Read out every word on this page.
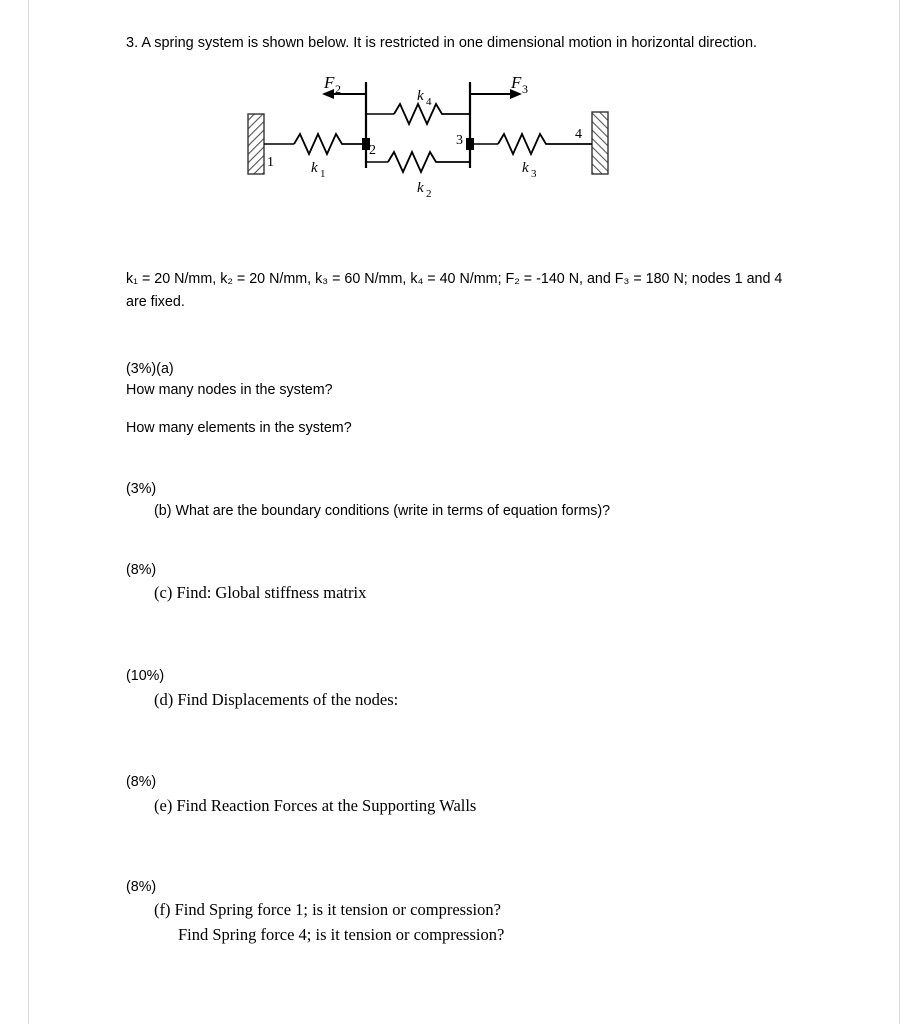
3. A spring system is shown below. It is restricted in one dimensional motion in horizontal direction.
F 2	F 3
k 4
k 1
k 2
k 3
1
2
3	4
k₁ = 20 N/mm, k₂ = 20 N/mm, k₃ = 60 N/mm, k₄ = 40 N/mm; F₂ = -140 N, and F₃ = 180 N; nodes 1 and 4 are fixed.
(3%)(a)
How many nodes in the system?
How many elements in the system?
(3%)
(b) What are the boundary conditions (write in terms of equation forms)?
(8%)
(c) Find: Global stiffness matrix
(10%)
(d) Find Displacements of the nodes:
(8%)
(e) Find Reaction Forces at the Supporting Walls
(8%)
(f) Find Spring force 1; is it tension or compression?
Find Spring force 4; is it tension or compression?
